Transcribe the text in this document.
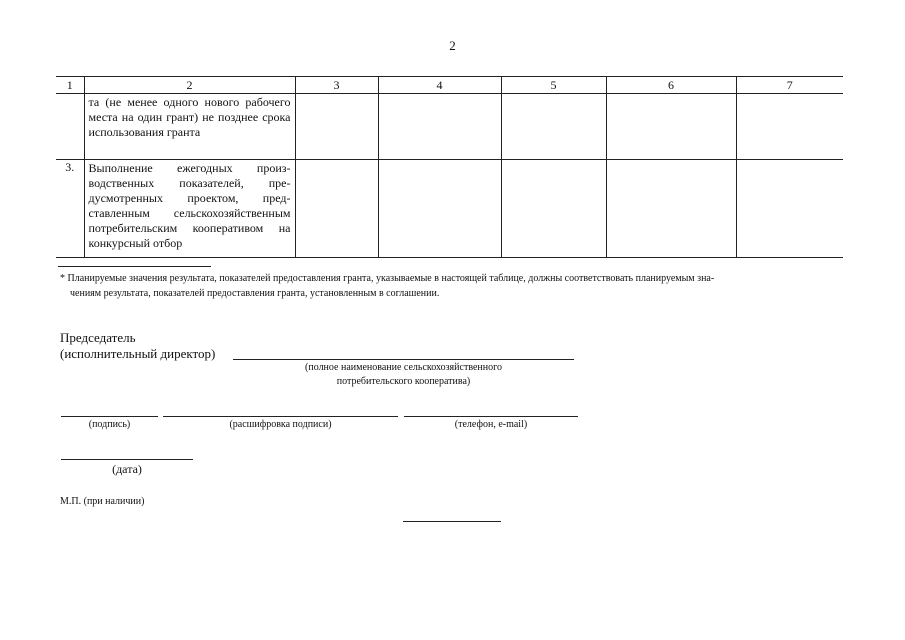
2
1	2	3	4	5	6	7
	та (не менее одного нового рабочего места на один грант) не позднее срока использования гранта					
3.	Выполнение ежегодных производственных показателей, предусмотренных проектом, представленным сельскохозяйственным потребительским кооперативом на конкурсный отбор					
* Планируемые значения результата, показателей предоставления гранта, указываемые в настоящей таблице, должны соответствовать планируемым зна-
чениям результата, показателей предоставления гранта, установленным в соглашении.
Председатель
(исполнительный директор)
(полное наименование сельскохозяйственного
потребительского кооператива)
(подпись)	(расшифровка подписи)	(телефон, e-mail)
(дата)
М.П. (при наличии)
